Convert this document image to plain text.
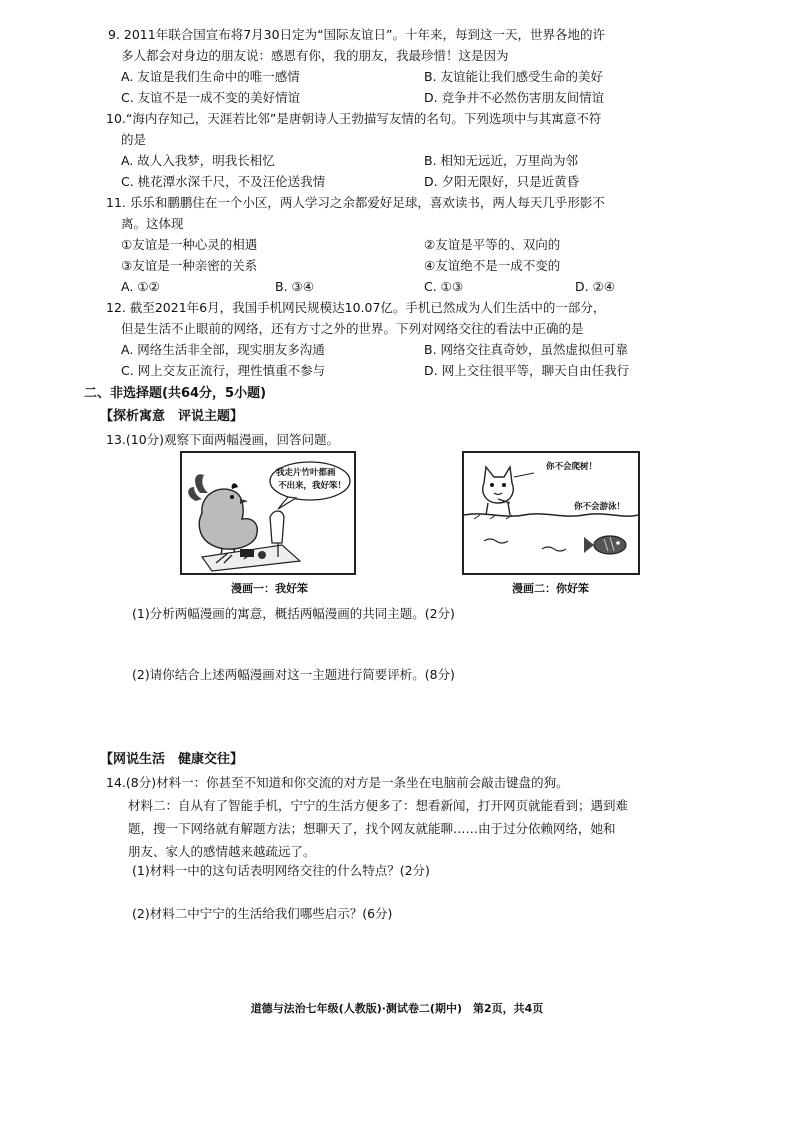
9. 2011年联合国宣布将7月30日定为“国际友谊日”。十年来，每到这一天，世界各地的许
多人都会对身边的朋友说：感恩有你，我的朋友，我最珍惜！这是因为
A. 友谊是我们生命中的唯一感情	B. 友谊能让我们感受生命的美好
C. 友谊不是一成不变的美好情谊	D. 竞争并不必然伤害朋友间情谊
10.“海内存知己，天涯若比邻”是唐朝诗人王勃描写友情的名句。下列选项中与其寓意不符
的是
A. 故人入我梦，明我长相忆	B. 相知无远近，万里尚为邻
C. 桃花潭水深千尺，不及汪伦送我情	D. 夕阳无限好，只是近黄昏
11. 乐乐和鹏鹏住在一个小区，两人学习之余都爱好足球，喜欢读书，两人每天几乎形影不
离。这体现
①友谊是一种心灵的相遇	②友谊是平等的、双向的
③友谊是一种亲密的关系	④友谊绝不是一成不变的
A. ①②	B. ③④	C. ①③	D. ②④
12. 截至2021年6月，我国手机网民规模达10.07亿。手机已然成为人们生活中的一部分，
但是生活不止眼前的网络，还有方寸之外的世界。下列对网络交往的看法中正确的是
A. 网络生活非全部，现实朋友多沟通	B. 网络交往真奇妙，虽然虚拟但可靠
C. 网上交友正流行，理性慎重不参与	D. 网上交往很平等，聊天自由任我行
二、非选择题(共64分，5小题)
【探析寓意　评说主题】
13.(10分)观察下面两幅漫画，回答问题。
我走片竹叶都画
不出来，我好笨！
漫画一：我好笨
你不会爬树！
你不会游泳！
漫画二：你好笨
(1)分析两幅漫画的寓意，概括两幅漫画的共同主题。(2分)
(2)请你结合上述两幅漫画对这一主题进行简要评析。(8分)
【网说生活　健康交往】
14.(8分)材料一：你甚至不知道和你交流的对方是一条坐在电脑前会敲击键盘的狗。
材料二：自从有了智能手机，宁宁的生活方便多了：想看新闻，打开网页就能看到；遇到难
题，搜一下网络就有解题方法；想聊天了，找个网友就能聊……由于过分依赖网络，她和
朋友、家人的感情越来越疏远了。
(1)材料一中的这句话表明网络交往的什么特点？(2分)
(2)材料二中宁宁的生活给我们哪些启示？(6分)
道德与法治七年级(人教版)·测试卷二(期中)　第2页，共4页
